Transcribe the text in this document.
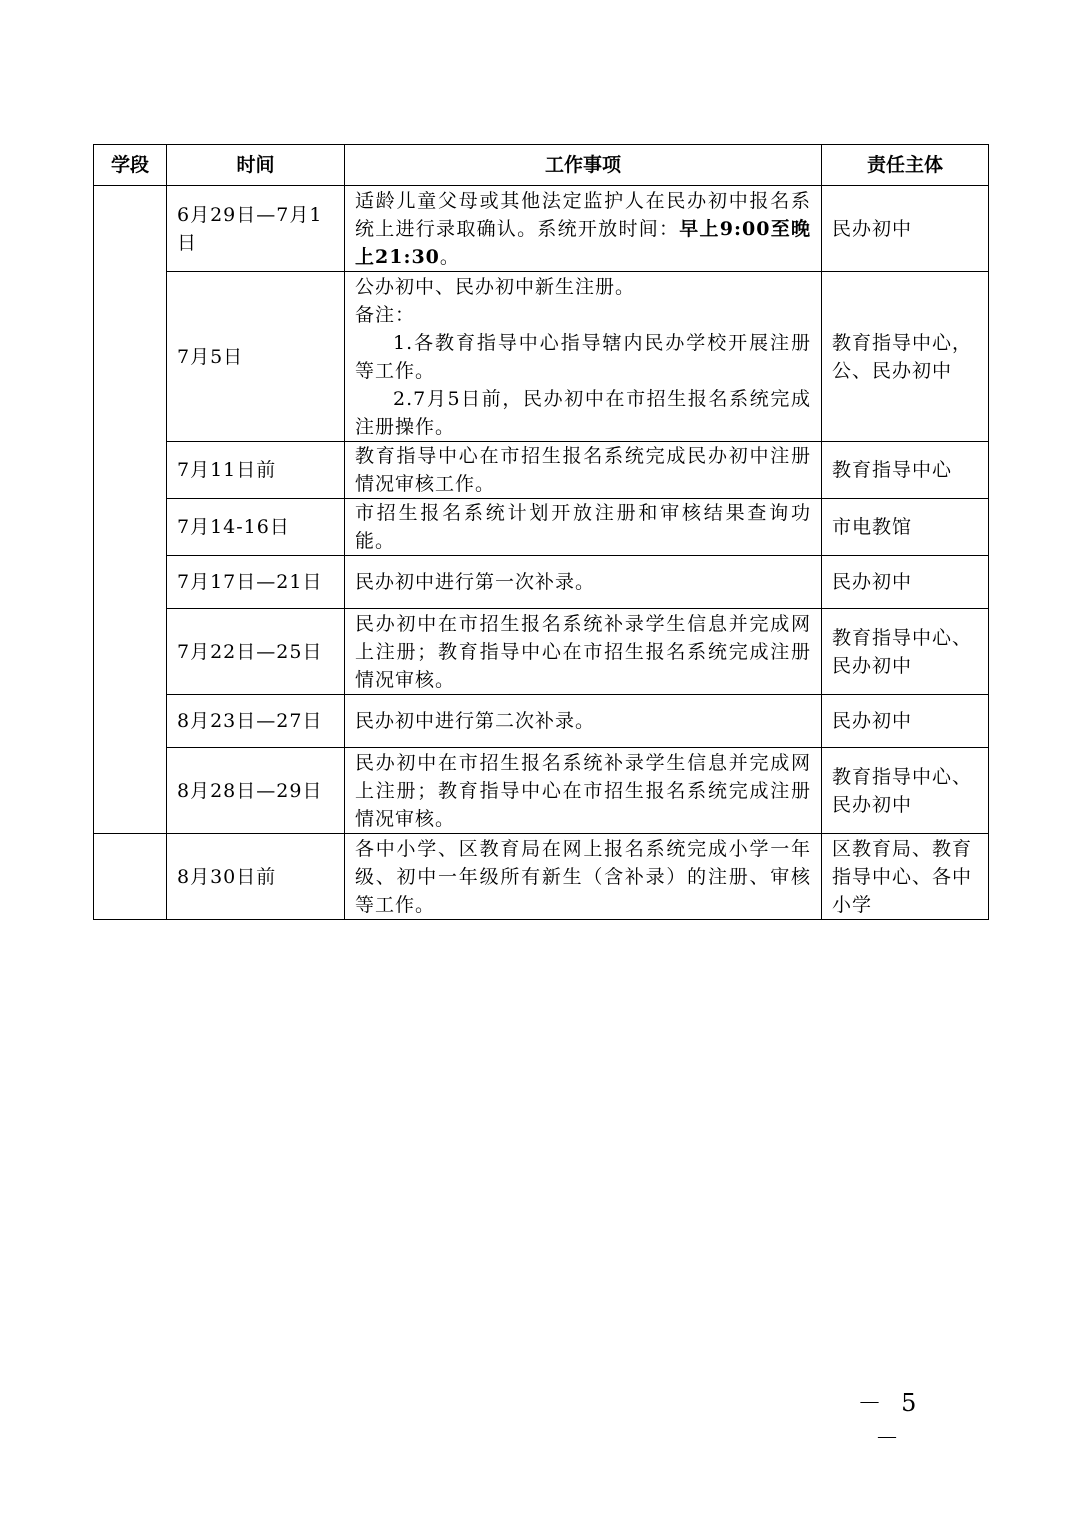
学段	时间	工作事项	责任主体
	6月29日—7月1日	适龄儿童父母或其他法定监护人在民办初中报名系统上进行录取确认。系统开放时间：早上9:00至晚上21:30。	民办初中
	7月5日	公办初中、民办初中新生注册。
备注：
1.各教育指导中心指导辖内民办学校开展注册等工作。
2.7月5日前，民办初中在市招生报名系统完成注册操作。	教育指导中心，公、民办初中
	7月11日前	教育指导中心在市招生报名系统完成民办初中注册情况审核工作。	教育指导中心
	7月14-16日	市招生报名系统计划开放注册和审核结果查询功能。	市电教馆
	7月17日—21日	民办初中进行第一次补录。	民办初中
	7月22日—25日	民办初中在市招生报名系统补录学生信息并完成网上注册；教育指导中心在市招生报名系统完成注册情况审核。	教育指导中心、民办初中
	8月23日—27日	民办初中进行第二次补录。	民办初中
	8月28日—29日	民办初中在市招生报名系统补录学生信息并完成网上注册；教育指导中心在市招生报名系统完成注册情况审核。	教育指导中心、民办初中
	8月30日前	各中小学、区教育局在网上报名系统完成小学一年级、初中一年级所有新生（含补录）的注册、审核等工作。	区教育局、教育指导中心、各中小学
－ 5 －
